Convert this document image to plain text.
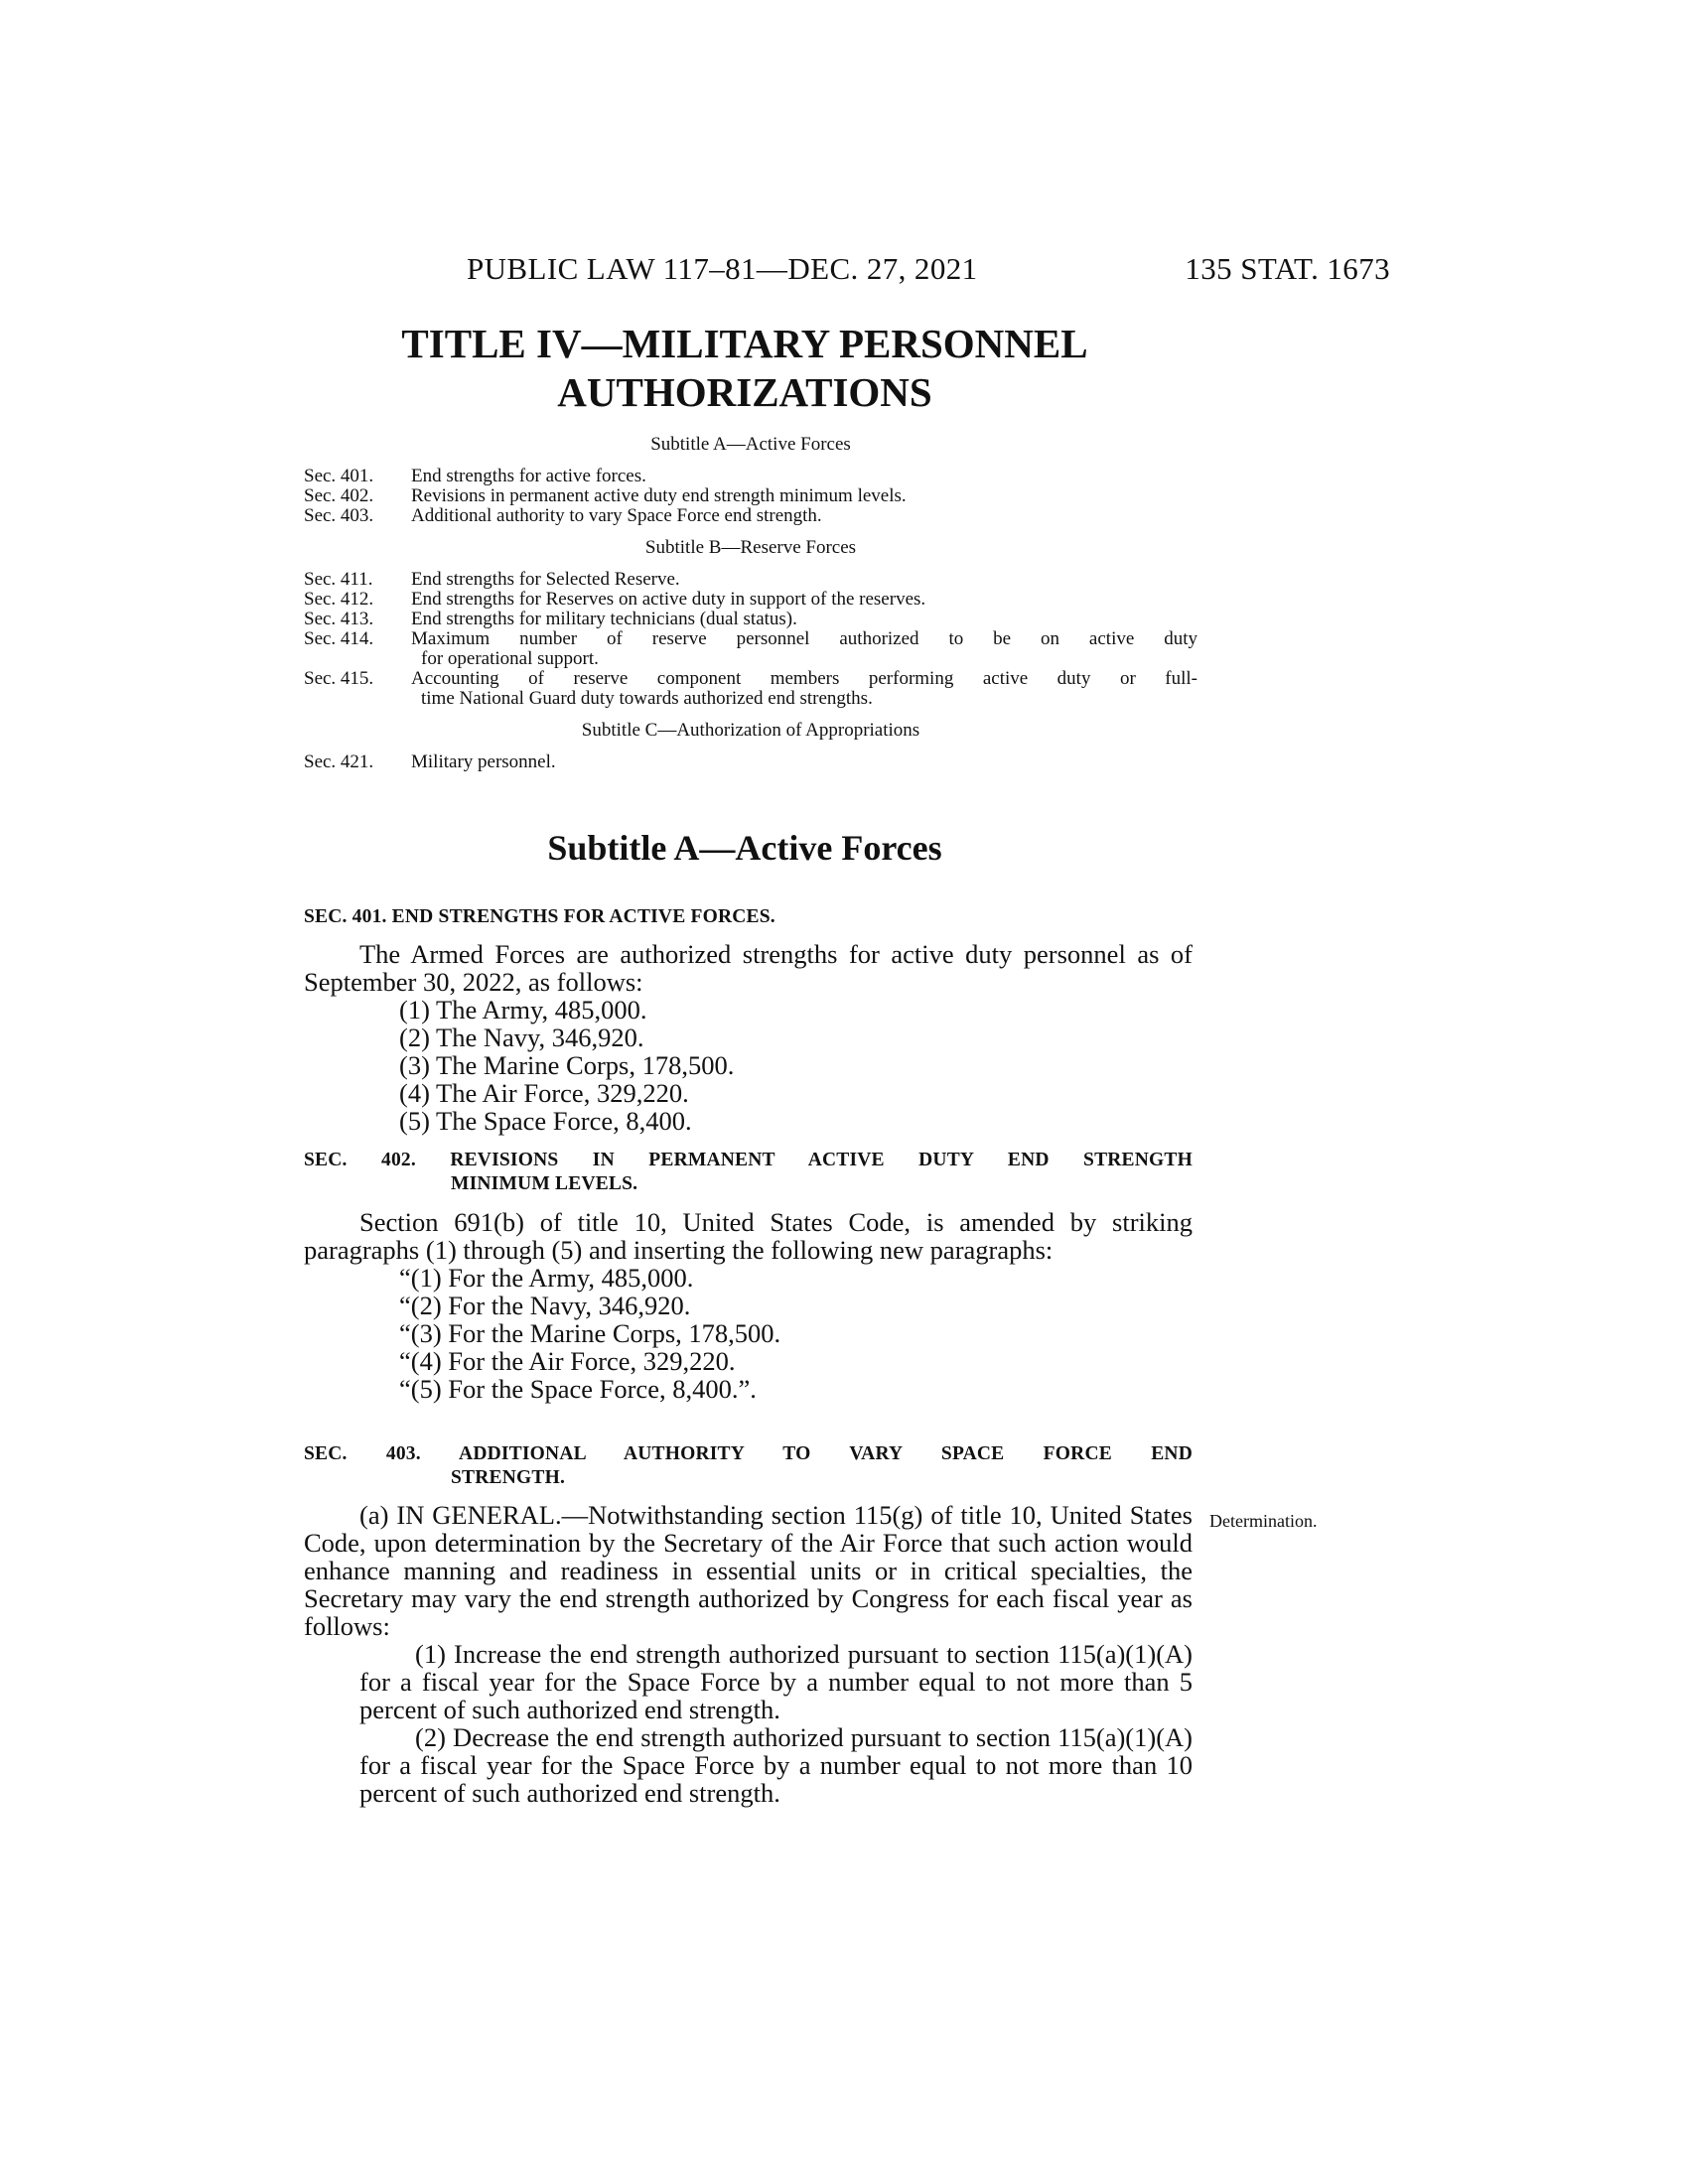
PUBLIC LAW 117–81—DEC. 27, 2021	135 STAT. 1673
TITLE IV—MILITARY PERSONNEL
AUTHORIZATIONS

Subtitle A—Active Forces

Sec. 401.	End strengths for active forces.
Sec. 402.	Revisions in permanent active duty end strength minimum levels.
Sec. 403.	Additional authority to vary Space Force end strength.

Subtitle B—Reserve Forces

Sec. 411.	End strengths for Selected Reserve.
Sec. 412.	End strengths for Reserves on active duty in support of the reserves.
Sec. 413.	End strengths for military technicians (dual status).
Sec. 414.	Maximum number of reserve personnel authorized to be on active duty
for operational support.
Sec. 415.	Accounting of reserve component members performing active duty or full-
time National Guard duty towards authorized end strengths.

Subtitle C—Authorization of Appropriations

Sec. 421.	Military personnel.
Subtitle A—Active Forces
SEC. 401. END STRENGTHS FOR ACTIVE FORCES.

The Armed Forces are authorized strengths for active duty personnel as of September 30, 2022, as follows:

(1) The Army, 485,000.

(2) The Navy, 346,920.

(3) The Marine Corps, 178,500.

(4) The Air Force, 329,220.

(5) The Space Force, 8,400.

SEC. 402. REVISIONS IN PERMANENT ACTIVE DUTY END STRENGTH
MINIMUM LEVELS.

Section 691(b) of title 10, United States Code, is amended by striking paragraphs (1) through (5) and inserting the following new paragraphs:

“(1) For the Army, 485,000.

“(2) For the Navy, 346,920.

“(3) For the Marine Corps, 178,500.

“(4) For the Air Force, 329,220.

“(5) For the Space Force, 8,400.”.

SEC. 403. ADDITIONAL AUTHORITY TO VARY SPACE FORCE END
STRENGTH.

(a) IN GENERAL.—Notwithstanding section 115(g) of title 10, United States Code, upon determination by the Secretary of the Air Force that such action would enhance manning and readiness in essential units or in critical specialties, the Secretary may vary the end strength authorized by Congress for each fiscal year as follows:

(1) Increase the end strength authorized pursuant to section 115(a)(1)(A) for a fiscal year for the Space Force by a number equal to not more than 5 percent of such authorized end strength.

(2) Decrease the end strength authorized pursuant to section 115(a)(1)(A) for a fiscal year for the Space Force by a number equal to not more than 10 percent of such authorized end strength.

Determination.
